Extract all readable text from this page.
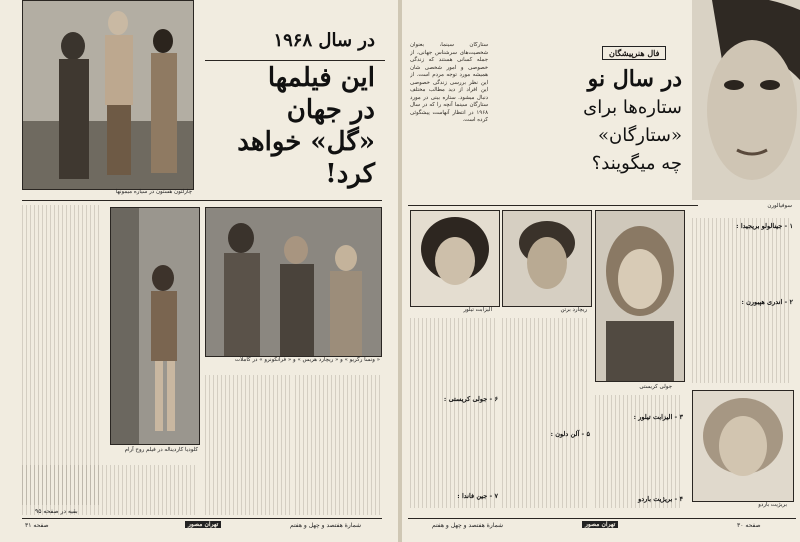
چارلتون هستون در سیاره میمونها
در سال ۱۹۶۸
این فیلمها
در جهان
«گل» خواهد
کرد!
کلودیا کاردینا‌له در فیلم روح آرام
« ونسا رگریو » و « ریچارد هریس » و « فرانکو‌نرو » در کاملات
بقیه در صفحه ۹۵
صفحه ۳۱	تهران مصور	شمارهٔ هفتصد و چهل و هفتم
ستارگان سینما، بعنوان شخصیت‌های سرشناس جهانی، از جمله کسانی هستند که زندگی خصوصی و امور شخصی شان همیشه مورد توجه مردم است. از این نظر بررسی زندگی خصوصی این افراد از دید مطالب مختلف دنبال میشود. ستاره بینی در مورد ستارگان سینما آنچه را که در سال ۱۹۶۸ در انتظار آنهاست پیشگوئی کرده است.
فال هنرپیشگان
در سال نو
ستاره‌ها برای
«ستارگان»
چه میگویند؟
سوفیالورن
الیزابت تیلور	ریچارد برتن
جولی کریستی
۱ - جینالولو بریجیدا :
۲ - اندری هپبورن :
۳ - الیزابت تیلور :
۴ - بریژیت باردو
۵ - آلن دلون :
۶ - جولی کریستی :
۷ - جین فاندا :
بریژیت باردو
شمارهٔ هفتصد و چهل و هفتم	تهران مصور	صفحه ۳۰
